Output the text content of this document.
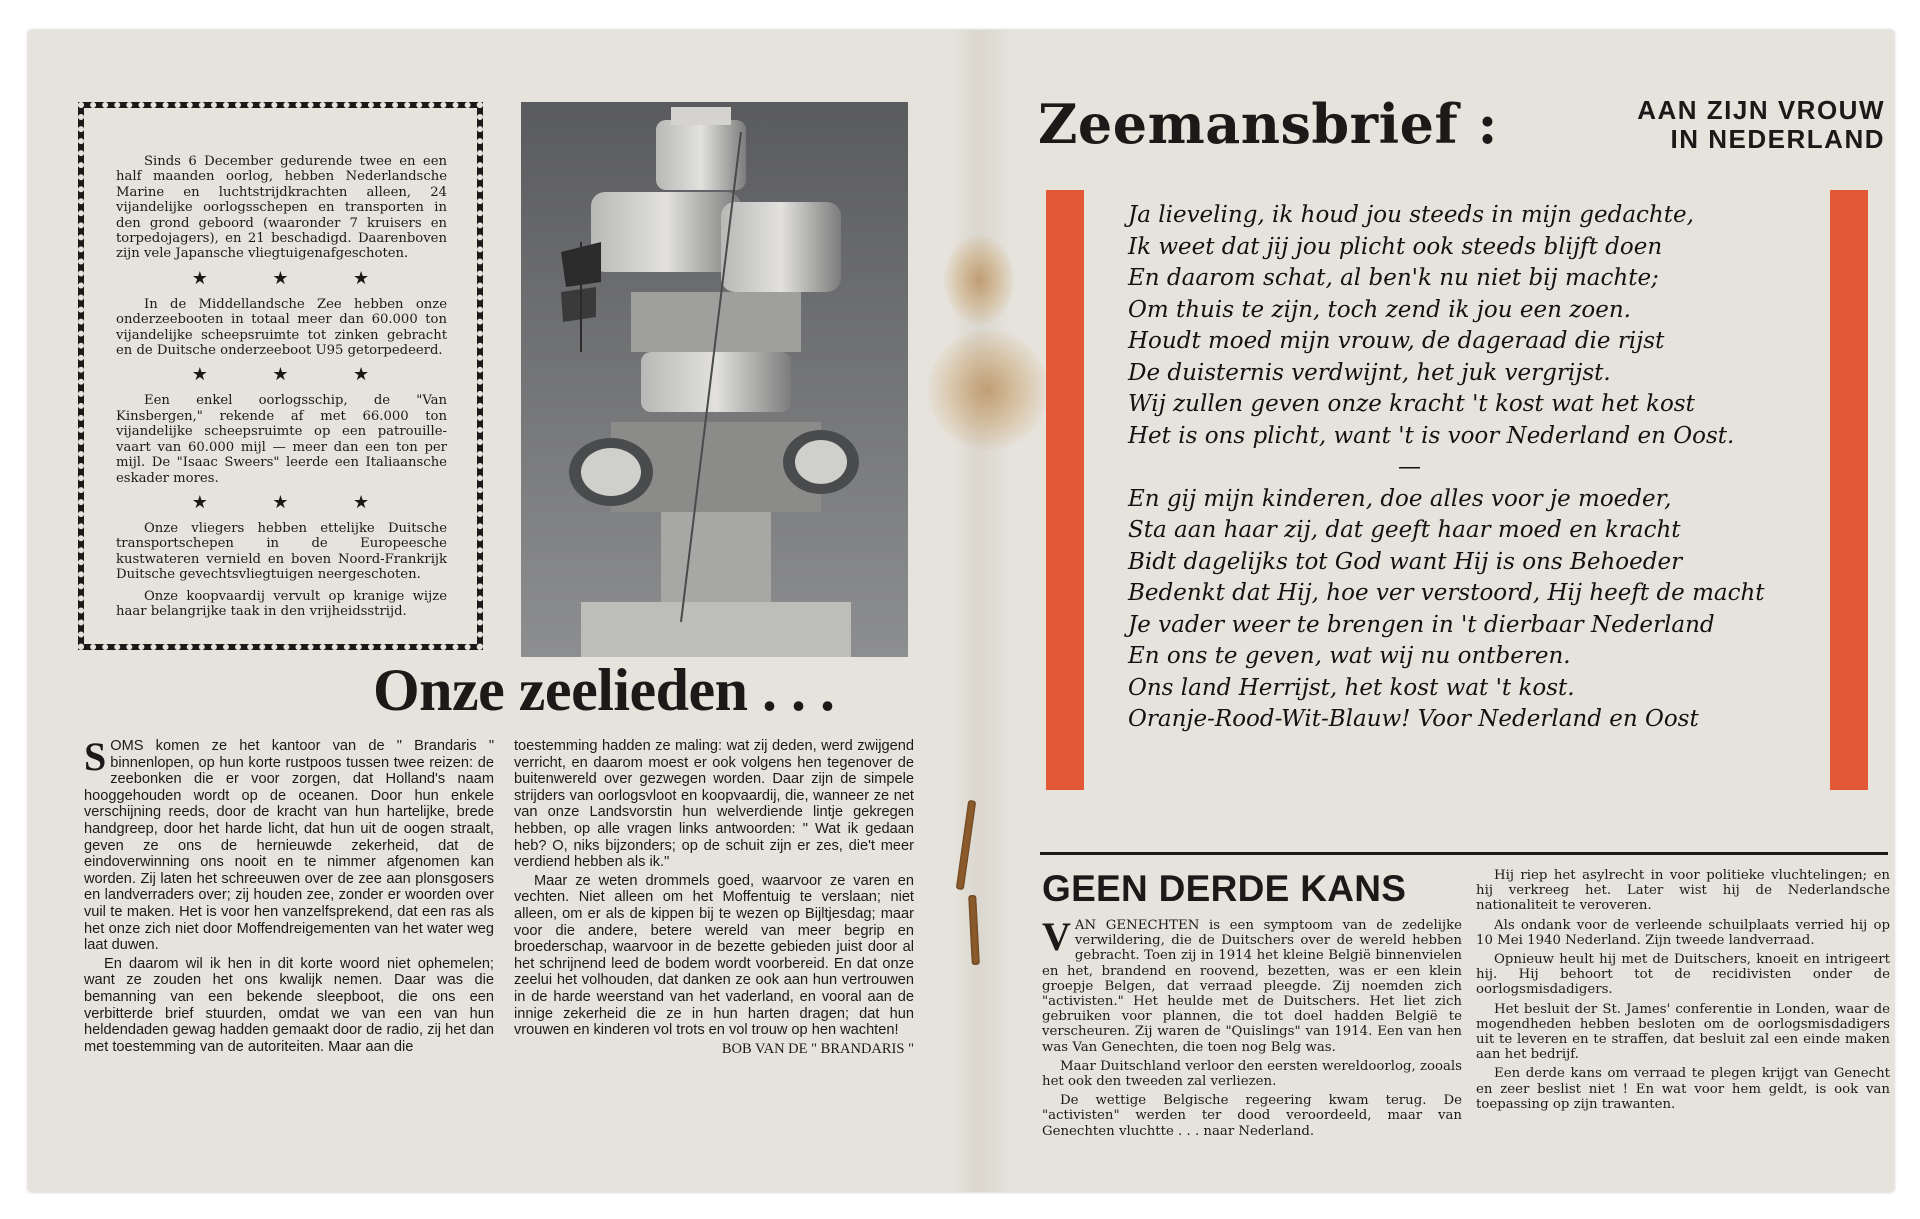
Sinds 6 December gedurende twee en een half maanden oorlog, hebben Nederlandsche Marine en luchtstrijdkrachten alleen, 24 vijandelijke oorlogsschepen en transporten in den grond geboord (waaronder 7 kruisers en torpedojagers), en 21 beschadigd. Daarenboven zijn vele Japansche vliegtuigenafgeschoten.

★ ★ ★

In de Middellandsche Zee hebben onze onderzeebooten in totaal meer dan 60.000 ton vijandelijke scheepsruimte tot zinken gebracht en de Duitsche onderzeeboot U95 getorpedeerd.

★ ★ ★

Een enkel oorlogsschip, de "Van Kinsbergen," rekende af met 66.000 ton vijandelijke scheepsruimte op een patrouille-vaart van 60.000 mijl — meer dan een ton per mijl. De "Isaac Sweers" leerde een Italiaansche eskader mores.

★ ★ ★

Onze vliegers hebben ettelijke Duitsche transportschepen in de Europeesche kustwateren vernield en boven Noord-Frankrijk Duitsche gevechtsvliegtuigen neergeschoten.

Onze koopvaardij vervult op kranige wijze haar belangrijke taak in den vrijheidsstrijd.

Onze zeelieden . . .
S OMS komen ze het kantoor van de " Brandaris " binnenlopen, op hun korte rustpoos tussen twee reizen: de zeebonken die er voor zorgen, dat Holland's naam hooggehouden wordt op de oceanen. Door hun enkele verschijning reeds, door de kracht van hun hartelijke, brede handgreep, door het harde licht, dat hun uit de oogen straalt, geven ze ons de hernieuwde zekerheid, dat de eindoverwinning ons nooit en te nimmer afgenomen kan worden. Zij laten het schreeuwen over de zee aan plonsgosers en landverraders over; zij houden zee, zonder er woorden over vuil te maken. Het is voor hen vanzelfsprekend, dat een ras als het onze zich niet door Moffendreigementen van het water weg laat duwen.

En daarom wil ik hen in dit korte woord niet ophemelen; want ze zouden het ons kwalijk nemen. Daar was die bemanning van een bekende sleepboot, die ons een verbitterde brief stuurden, omdat we van een van hun heldendaden gewag hadden gemaakt door de radio, zij het dan met toestemming van de autoriteiten. Maar aan die

toestemming hadden ze maling: wat zij deden, werd zwijgend verricht, en daarom moest er ook volgens hen tegenover de buitenwereld over gezwegen worden. Daar zijn de simpele strijders van oorlogsvloot en koopvaardij, die, wanneer ze net van onze Landsvorstin hun welverdiende lintje gekregen hebben, op alle vragen links antwoorden: " Wat ik gedaan heb? O, niks bijzonders; op de schuit zijn er zes, die't meer verdiend hebben als ik."

Maar ze weten drommels goed, waarvoor ze varen en vechten. Niet alleen om het Moffentuig te verslaan; niet alleen, om er als de kippen bij te wezen op Bijltjesdag; maar voor die andere, betere wereld van meer begrip en broederschap, waarvoor in de bezette gebieden juist door al het schrijnend leed de bodem wordt voorbereid. En dat onze zeelui het volhouden, dat danken ze ook aan hun vertrouwen in de harde weerstand van het vaderland, en vooral aan de innige zekerheid die ze in hun harten dragen; dat hun vrouwen en kinderen vol trots en vol trouw op hen wachten!

BOB VAN DE " BRANDARIS "

Zeemansbrief :	AAN ZIJN VROUW
IN NEDERLAND
Ja lieveling, ik houd jou steeds in mijn gedachte,
Ik weet dat jij jou plicht ook steeds blijft doen
En daarom schat, al ben'k nu niet bij machte;
Om thuis te zijn, toch zend ik jou een zoen.
Houdt moed mijn vrouw, de dageraad die rijst
De duisternis verdwijnt, het juk vergrijst.
Wij zullen geven onze kracht 't kost wat het kost
Het is ons plicht, want 't is voor Nederland en Oost.
—
En gij mijn kinderen, doe alles voor je moeder,
Sta aan haar zij, dat geeft haar moed en kracht
Bidt dagelijks tot God want Hij is ons Behoeder
Bedenkt dat Hij, hoe ver verstoord, Hij heeft de macht
Je vader weer te brengen in 't dierbaar Nederland
En ons te geven, wat wij nu ontberen.
Ons land Herrijst, het kost wat 't kost.
Oranje-Rood-Wit-Blauw! Voor Nederland en Oost
GEEN DERDE KANS
V AN GENECHTEN is een symptoom van de zedelijke verwildering, die de Duitschers over de wereld hebben gebracht. Toen zij in 1914 het kleine België binnenvielen en het, brandend en roovend, bezetten, was er een klein groepje Belgen, dat verraad pleegde. Zij noemden zich "activisten." Het heulde met de Duitschers. Het liet zich gebruiken voor plannen, die tot doel hadden België te verscheuren. Zij waren de "Quislings" van 1914. Een van hen was Van Genechten, die toen nog Belg was.

Maar Duitschland verloor den eersten wereldoorlog, zooals het ook den tweeden zal verliezen.

De wettige Belgische regeering kwam terug. De "activisten" werden ter dood veroordeeld, maar van Genechten vluchtte . . . naar Nederland.

Hij riep het asylrecht in voor politieke vluchtelingen; en hij verkreeg het. Later wist hij de Nederlandsche nationaliteit te veroveren.

Als ondank voor de verleende schuilplaats verried hij op 10 Mei 1940 Nederland. Zijn tweede landverraad.

Opnieuw heult hij met de Duitschers, knoeit en intrigeert hij. Hij behoort tot de recidivisten onder de oorlogsmisdadigers.

Het besluit der St. James' conferentie in Londen, waar de mogendheden hebben besloten om de oorlogsmisdadigers uit te leveren en te straffen, dat besluit zal een einde maken aan het bedrijf.

Een derde kans om verraad te plegen krijgt van Genecht en zeer beslist niet ! En wat voor hem geldt, is ook van toepassing op zijn trawanten.
